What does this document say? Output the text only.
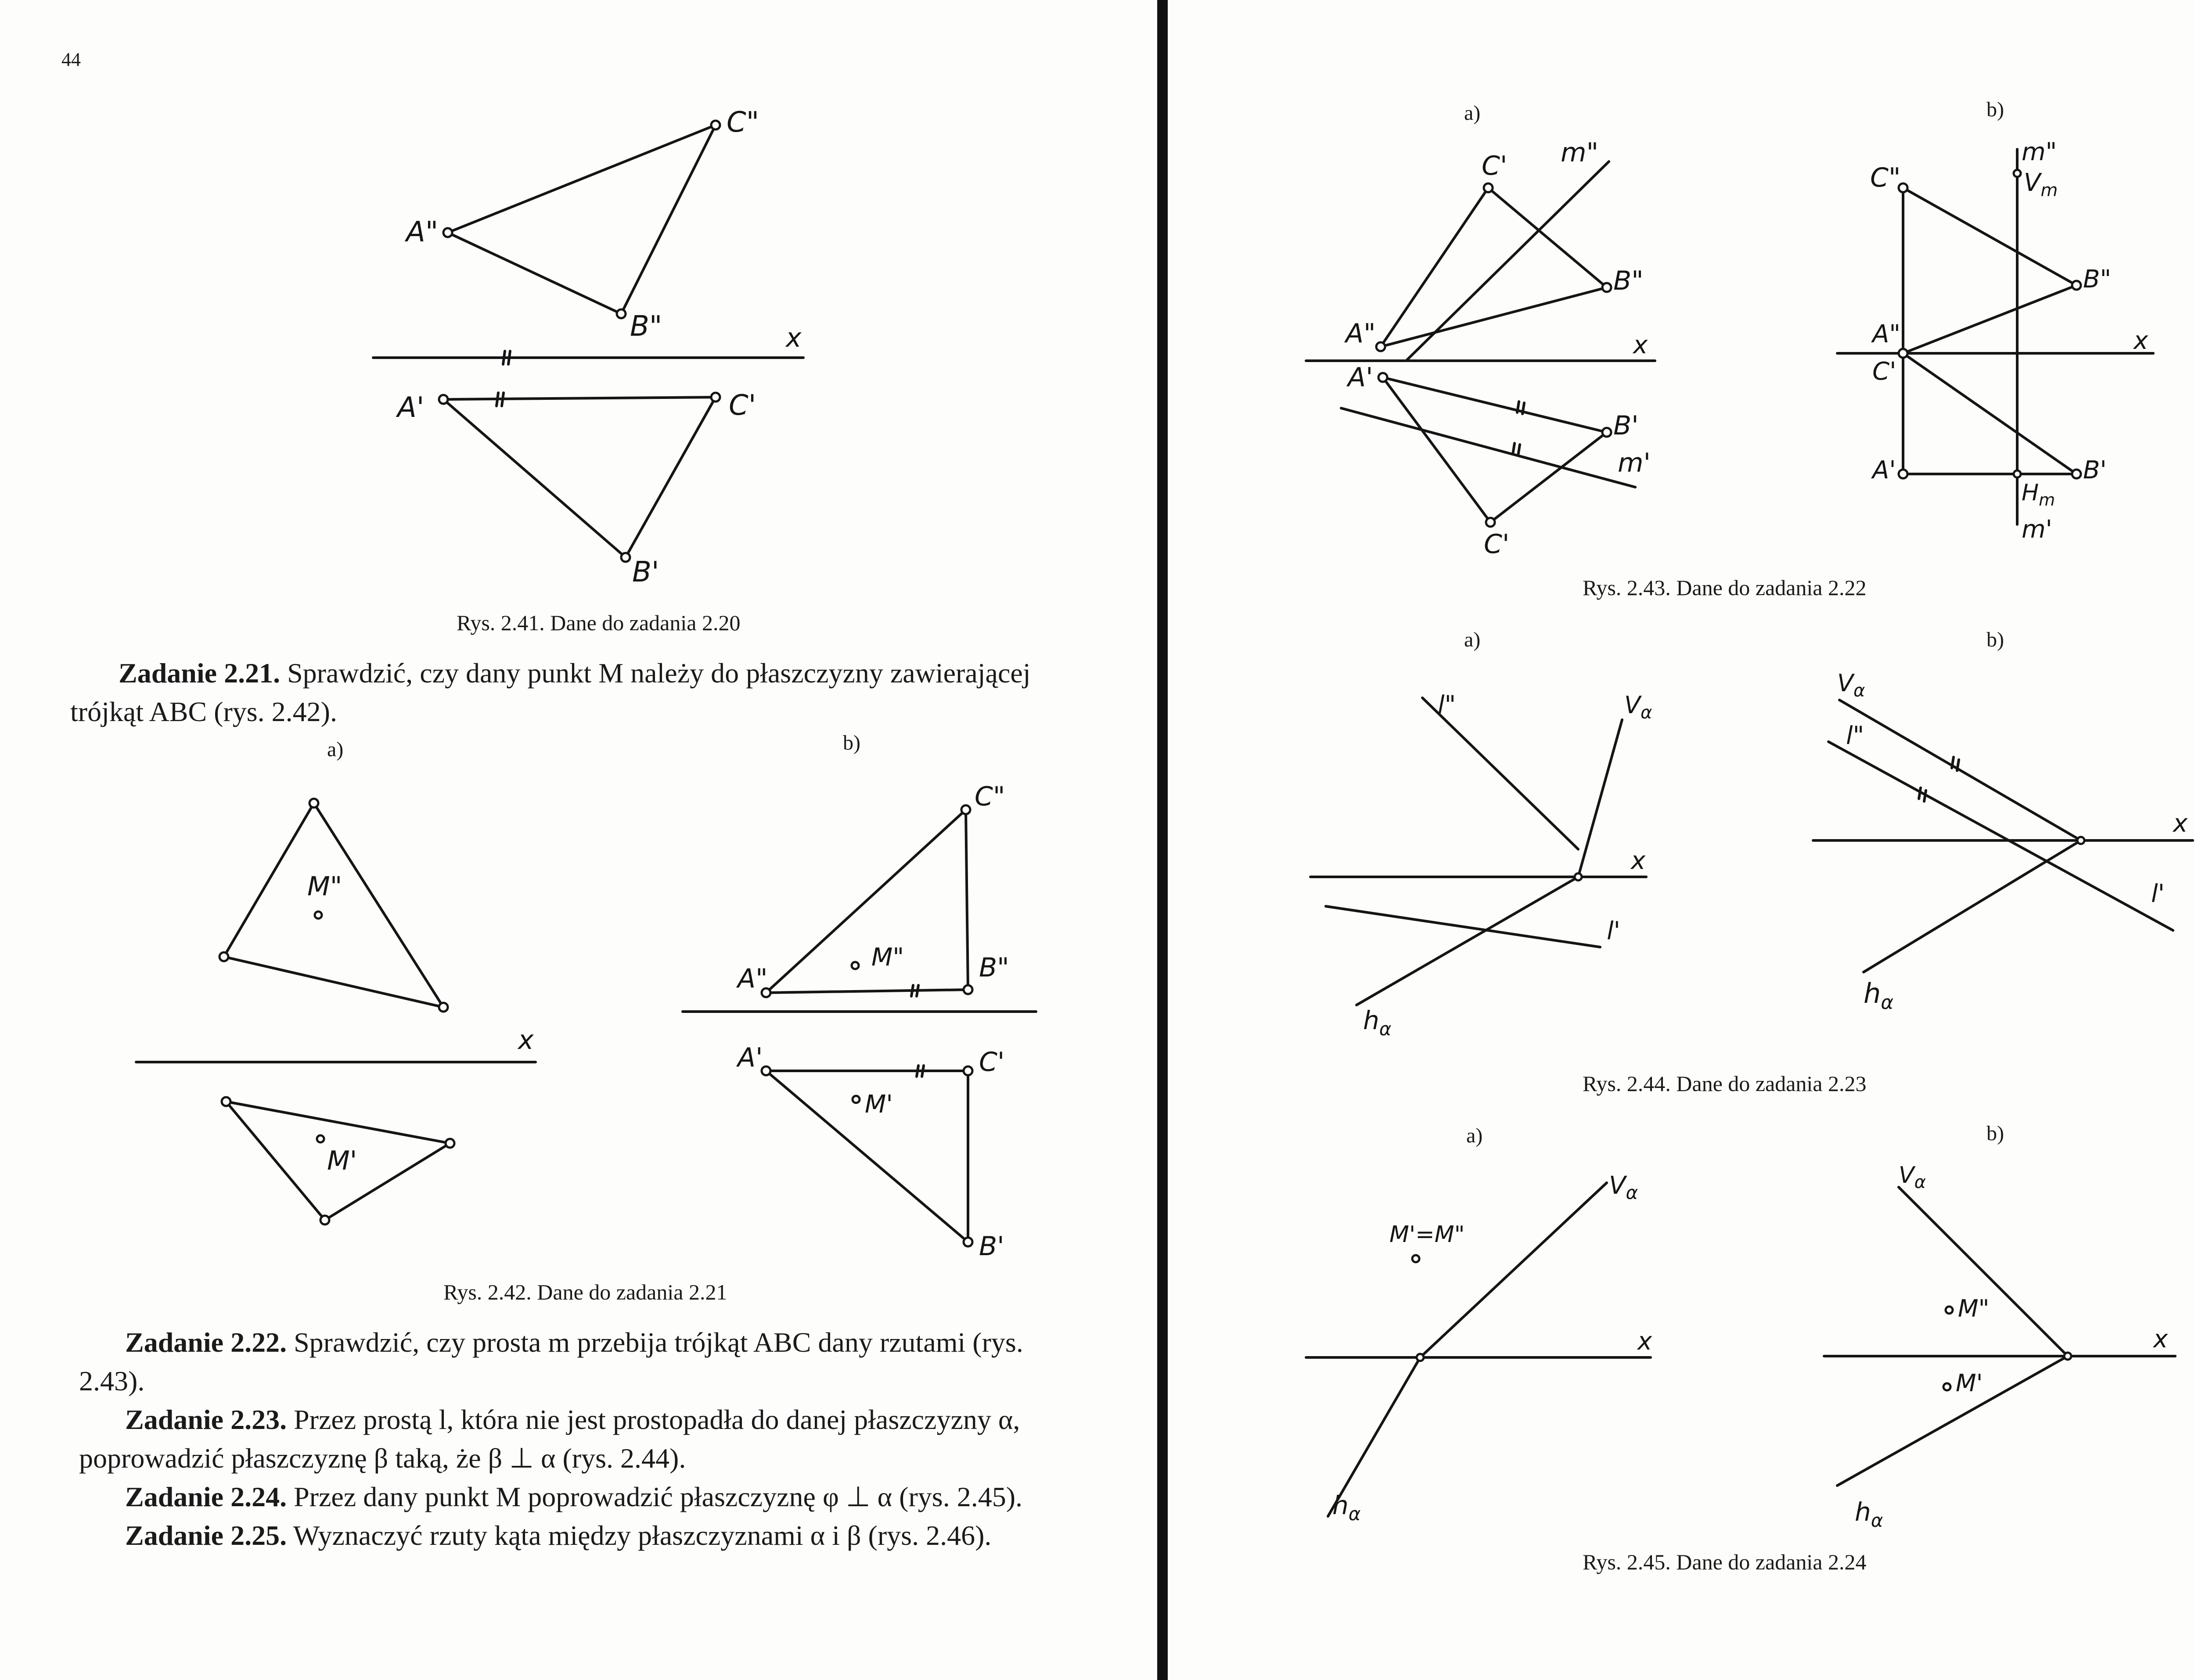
44
C"
A"
B"	x
A'	C'
B'
Rys. 2.41. Dane do zadania 2.20
Zadanie 2.21. Sprawdzić, czy dany punkt M należy do płaszczyzny zawierającej
trójkąt ABC (rys. 2.42).
a)	b)
M"
x
M'
C"
A"
M"	B"
A'	C'
M'
B'
Rys. 2.42. Dane do zadania 2.21
Zadanie 2.22. Sprawdzić, czy prosta m przebija trójkąt ABC dany rzutami (rys.
2.43).
Zadanie 2.23. Przez prostą l, która nie jest prostopadła do danej płaszczyzny α,
poprowadzić płaszczyznę β taką, że β ⊥ α (rys. 2.44).
Zadanie 2.24. Przez dany punkt M poprowadzić płaszczyznę φ ⊥ α (rys. 2.45).
Zadanie 2.25. Wyznaczyć rzuty kąta między płaszczyznami α i β (rys. 2.46).
a)	b)
C' m"
B"
A"	x
A'
B'
m'
C'
m"
$V_m$
C"
B"
A"
C'
x
A'	B'
$H_m$
m'
Rys. 2.43. Dane do zadania 2.22
a)	b)
l"	$V_\alpha$
x
l'
$h_\alpha$
$V_\alpha$
l"
x
l'
$h_\alpha$
Rys. 2.44. Dane do zadania 2.23
a)	b)
M'=M"
$V_\alpha$
x
$h_\alpha$
$V_\alpha$
M"
x
M'
$h_\alpha$
Rys. 2.45. Dane do zadania 2.24
